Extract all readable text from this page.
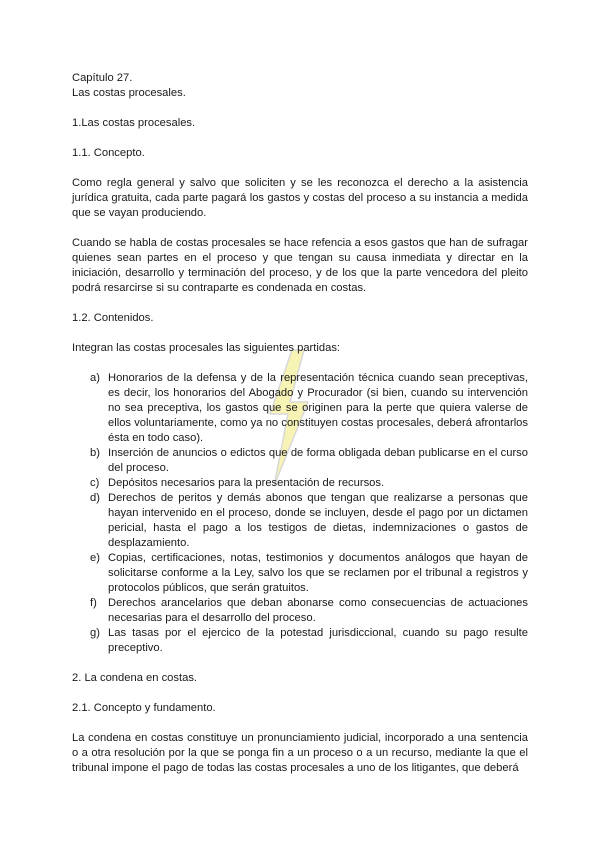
Capítulo 27.
Las costas procesales.
1.Las costas procesales.
1.1. Concepto.

Como regla general y salvo que soliciten y se les reconozca el derecho a la asistencia jurídica gratuita, cada parte pagará los gastos y costas del proceso a su instancia a medida que se vayan produciendo.

Cuando se habla de costas procesales se hace refencia a esos gastos que han de sufragar quienes sean partes en el proceso y que tengan su causa inmediata y directar en la iniciación, desarrollo y terminación del proceso, y de los que la parte vencedora del pleito podrá resarcirse si su contraparte es condenada en costas.

1.2. Contenidos.
Integran las costas procesales las siguientes partidas:
a) Honorarios de la defensa y de la representación técnica cuando sean preceptivas, es decir, los honorarios del Abogado y Procurador (si bien, cuando su intervención no sea preceptiva, los gastos que se originen para la perte que quiera valerse de ellos voluntariamente, como ya no constituyen costas procesales, deberá afrontarlos ésta en todo caso).
b) Inserción de anuncios o edictos que de forma obligada deban publicarse en el curso del proceso.
c) Depósitos necesarios para la presentación de recursos.
d) Derechos de peritos y demás abonos que tengan que realizarse a personas que hayan intervenido en el proceso, donde se incluyen, desde el pago por un dictamen pericial, hasta el pago a los testigos de dietas, indemnizaciones o gastos de desplazamiento.
e) Copias, certificaciones, notas, testimonios y documentos análogos que hayan de solicitarse conforme a la Ley, salvo los que se reclamen por el tribunal a registros y protocolos públicos, que serán gratuitos.
f) Derechos arancelarios que deban abonarse como consecuencias de actuaciones necesarias para el desarrollo del proceso.
g) Las tasas por el ejercico de la potestad jurisdiccional, cuando su pago resulte preceptivo.
2. La condena en costas.
2.1. Concepto y fundamento.

La condena en costas constituye un pronunciamiento judicial, incorporado a una sentencia o a otra resolución por la que se ponga fin a un proceso o a un recurso, mediante la que el tribunal impone el pago de todas las costas procesales a uno de los litigantes, que deberá
